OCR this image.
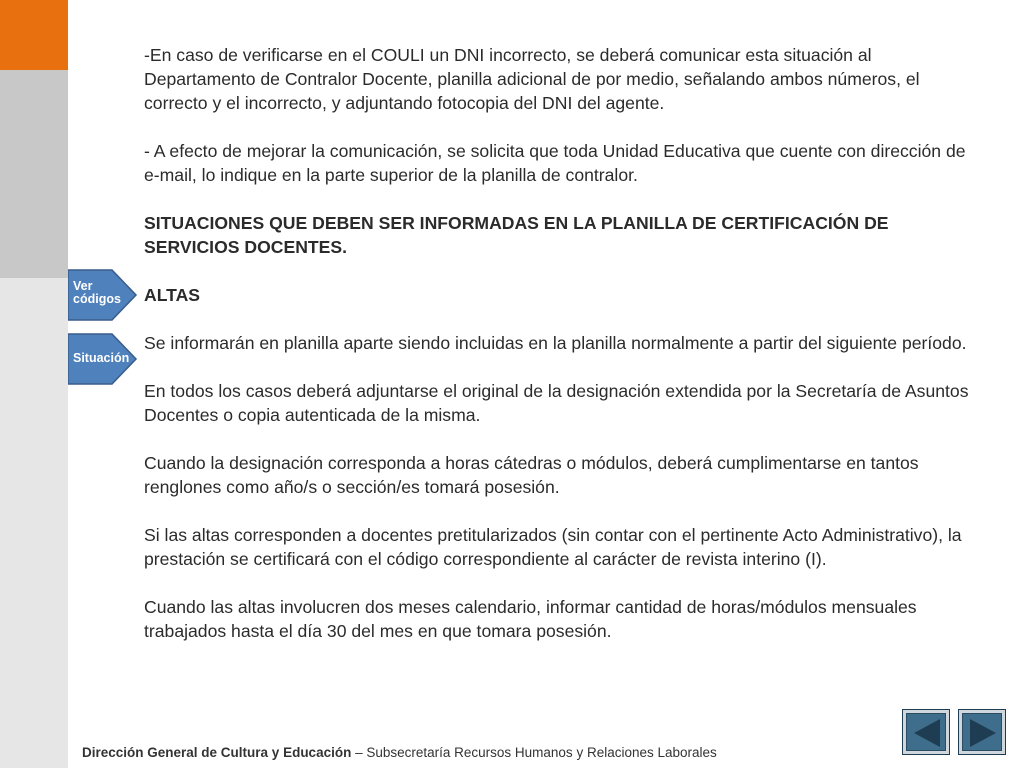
Ver códigos
Situación

-En caso de verificarse en el COULI un DNI incorrecto, se deberá comunicar esta situación al Departamento de Contralor Docente, planilla adicional de por medio, señalando ambos números, el correcto y el incorrecto, y adjuntando fotocopia del DNI del agente.

- A efecto de mejorar la comunicación, se solicita que toda Unidad Educativa que cuente con dirección de e-mail, lo indique en la parte superior de la planilla de contralor.

SITUACIONES QUE DEBEN SER INFORMADAS EN LA PLANILLA DE CERTIFICACIÓN DE SERVICIOS DOCENTES.

ALTAS

Se informarán en planilla aparte siendo incluidas en la planilla normalmente a partir del siguiente período.

En todos los casos deberá adjuntarse el original de la designación extendida por la Secretaría de Asuntos Docentes o copia autenticada de la misma.

Cuando la designación corresponda a horas cátedras o módulos, deberá cumplimentarse en tantos renglones como año/s o sección/es tomará posesión.

Si las altas corresponden a docentes pretitularizados (sin contar con el pertinente Acto Administrativo), la prestación se certificará con el código correspondiente al carácter de revista interino (I).

Cuando las altas involucren dos meses calendario, informar cantidad de horas/módulos mensuales trabajados hasta el día 30 del mes en que tomara posesión.

Dirección General de Cultura y Educación – Subsecretaría Recursos Humanos y Relaciones Laborales
